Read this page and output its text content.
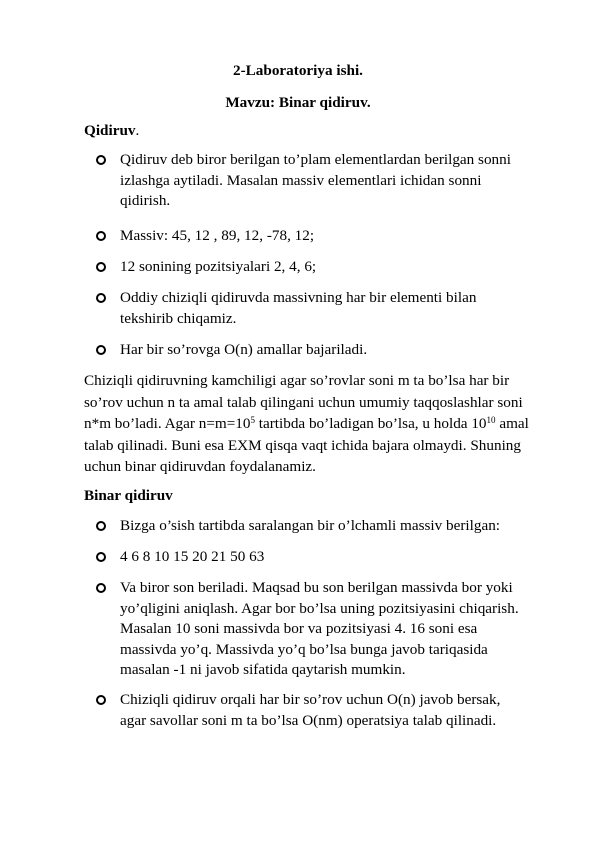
2-Laboratoriya ishi.
Mavzu: Binar qidiruv.
Qidiruv.
Qidiruv deb biror berilgan to’plam elementlardan berilgan sonni
izlashga aytiladi. Masalan massiv elementlari ichidan sonni
qidirish.
Massiv: 45, 12 , 89, 12, -78, 12;
12 sonining pozitsiyalari 2, 4, 6;
Oddiy chiziqli qidiruvda massivning har bir elementi bilan
tekshirib chiqamiz.
Har bir so’rovga O(n) amallar bajariladi.
Chiziqli qidiruvning kamchiligi agar so’rovlar soni m ta bo’lsa har bir
so’rov uchun n ta amal talab qilingani uchun umumiy taqqoslashlar soni
n*m bo’ladi. Agar $n=m=10^5$ tartibda bo’ladigan bo’lsa, u holda $10^{10}$ amal
talab qilinadi. Buni esa EXM qisqa vaqt ichida bajara olmaydi. Shuning
uchun binar qidiruvdan foydalanamiz.
Binar qidiruv
Bizga o’sish tartibda saralangan bir o’lchamli massiv berilgan:
4 6 8 10 15 20 21 50 63
Va biror son beriladi. Maqsad bu son berilgan massivda bor yoki
yo’qligini aniqlash. Agar bor bo’lsa uning pozitsiyasini chiqarish.
Masalan 10 soni massivda bor va pozitsiyasi 4. 16 soni esa
massivda yo’q. Massivda yo’q bo’lsa bunga javob tariqasida
masalan -1 ni javob sifatida qaytarish mumkin.
Chiziqli qidiruv orqali har bir so’rov uchun O(n) javob bersak,
agar savollar soni m ta bo’lsa O(nm) operatsiya talab qilinadi.
